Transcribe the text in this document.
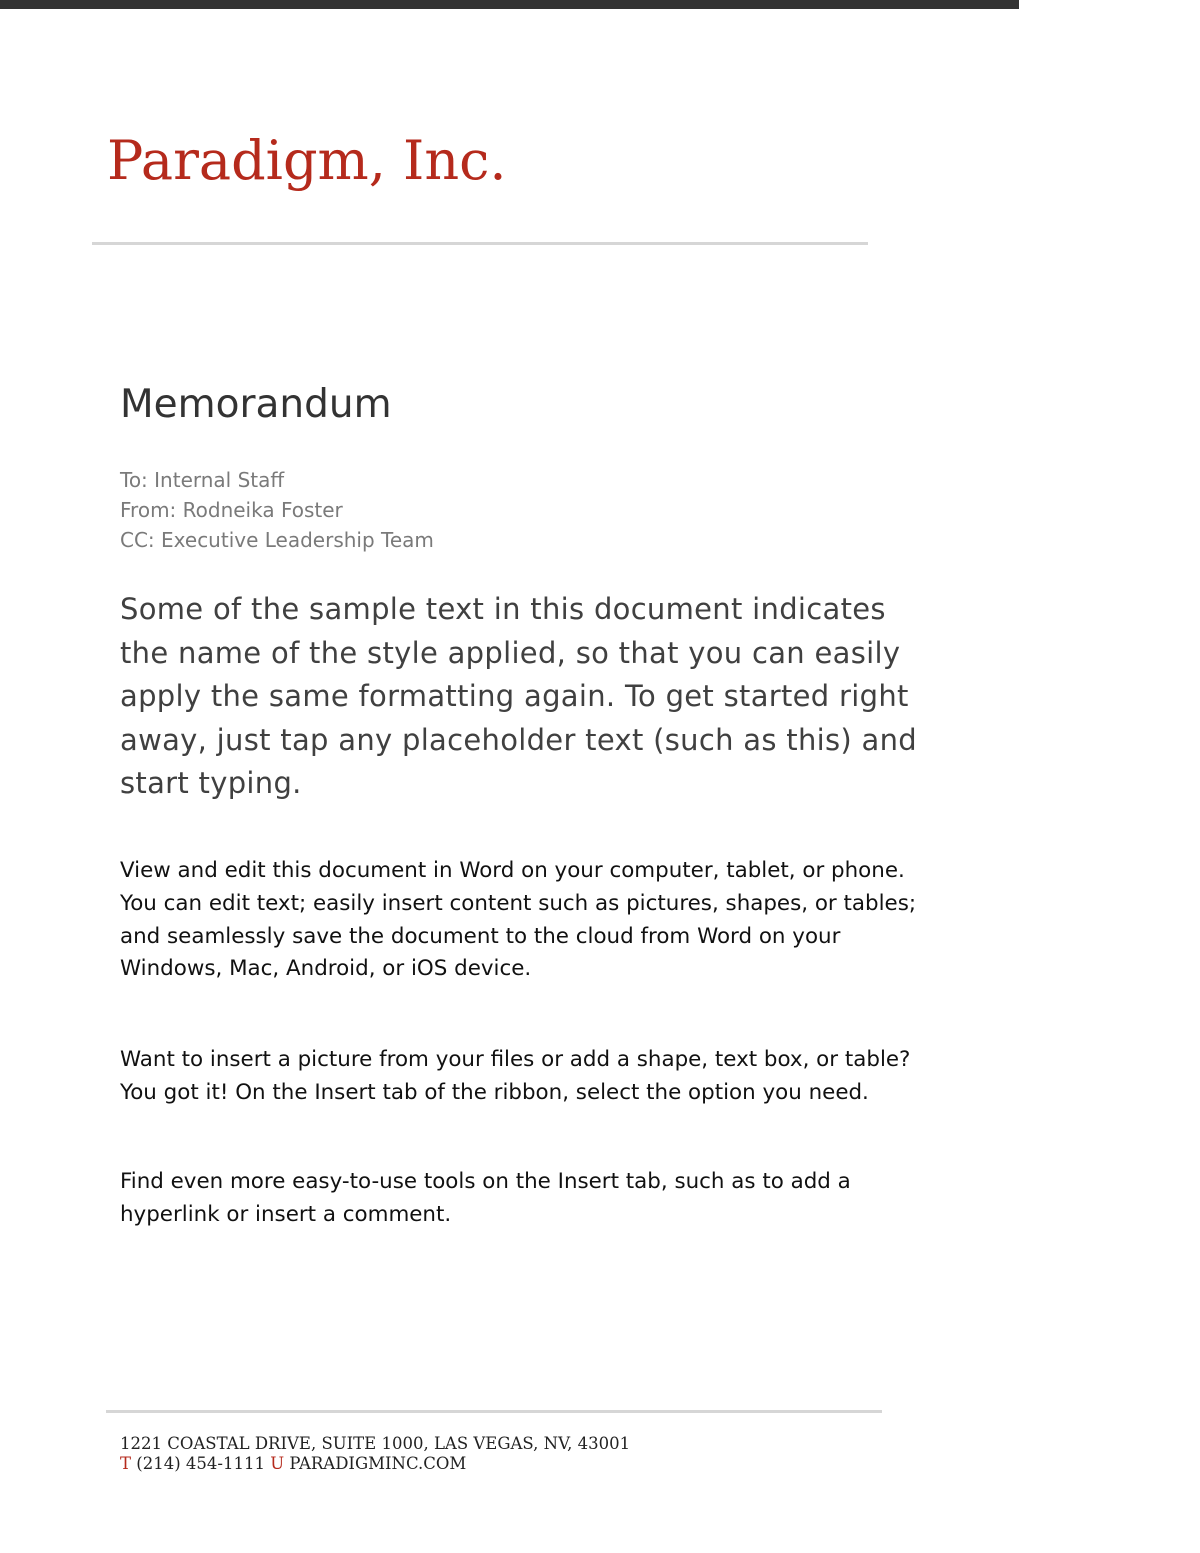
Paradigm, Inc.
Memorandum
To: Internal Staff
From: Rodneika Foster
CC: Executive Leadership Team

Some of the sample text in this document indicates the name of the style applied, so that you can easily apply the same formatting again. To get started right away, just tap any placeholder text (such as this) and start typing.

View and edit this document in Word on your computer, tablet, or phone. You can edit text; easily insert content such as pictures, shapes, or tables; and seamlessly save the document to the cloud from Word on your Windows, Mac, Android, or iOS device.

Want to insert a picture from your files or add a shape, text box, or table? You got it! On the Insert tab of the ribbon, select the option you need.

Find even more easy-to-use tools on the Insert tab, such as to add a hyperlink or insert a comment.

1221 COASTAL DRIVE, SUITE 1000, LAS VEGAS, NV, 43001
T (214) 454-1111 U PARADIGMINC.COM
